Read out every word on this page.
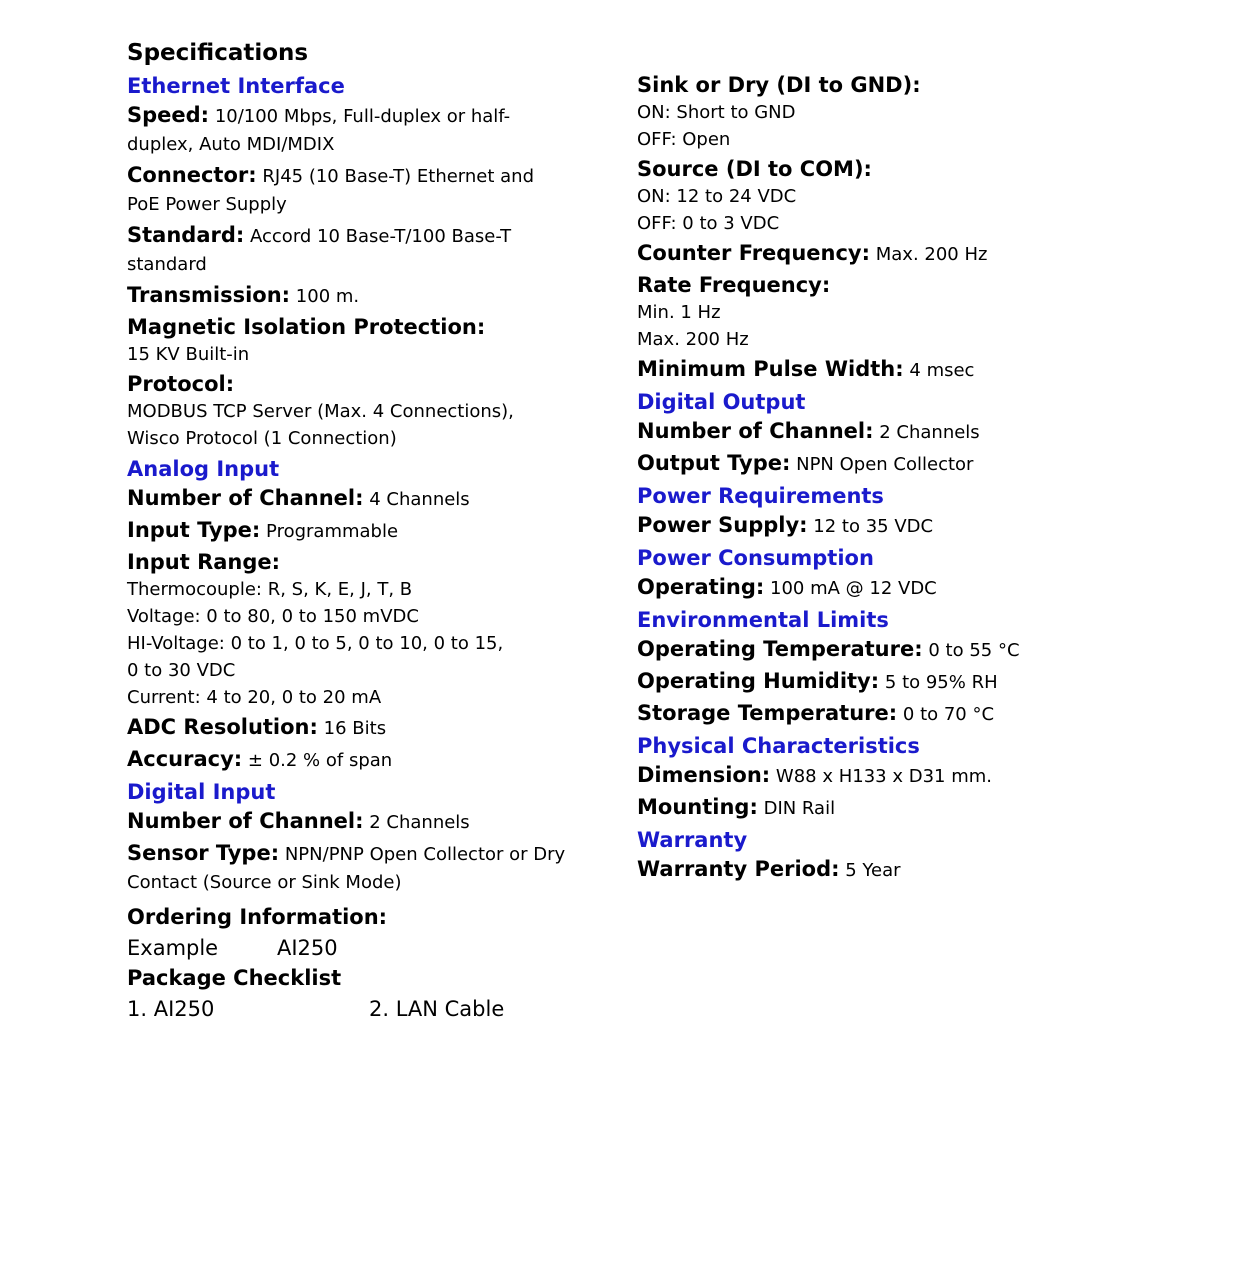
Specifications

Ethernet Interface

Speed: 10/100 Mbps, Full-duplex or half-duplex, Auto MDI/MDIX

Connector: RJ45 (10 Base-T) Ethernet and PoE Power Supply

Standard: Accord 10 Base-T/100 Base-T standard

Transmission: 100 m.

Magnetic Isolation Protection:
15 KV Built-in

Protocol:
MODBUS TCP Server (Max. 4 Connections),
Wisco Protocol (1 Connection)

Analog Input

Number of Channel: 4 Channels

Input Type: Programmable

Input Range:
Thermocouple: R, S, K, E, J, T, B
Voltage: 0 to 80, 0 to 150 mVDC
HI-Voltage: 0 to 1, 0 to 5, 0 to 10, 0 to 15,
0 to 30 VDC
Current: 4 to 20, 0 to 20 mA

ADC Resolution: 16 Bits

Accuracy: ± 0.2 % of span

Digital Input

Number of Channel: 2 Channels

Sensor Type: NPN/PNP Open Collector or Dry Contact (Source or Sink Mode)

Sink or Dry (DI to GND):
ON: Short to GND
OFF: Open

Source (DI to COM):
ON: 12 to 24 VDC
OFF: 0 to 3 VDC

Counter Frequency: Max. 200 Hz

Rate Frequency:
Min. 1 Hz
Max. 200 Hz

Minimum Pulse Width: 4 msec

Digital Output

Number of Channel: 2 Channels

Output Type: NPN Open Collector

Power Requirements

Power Supply: 12 to 35 VDC

Power Consumption

Operating: 100 mA @ 12 VDC

Environmental Limits

Operating Temperature: 0 to 55 °C

Operating Humidity: 5 to 95% RH

Storage Temperature: 0 to 70 °C

Physical Characteristics

Dimension: W88 x H133 x D31 mm.

Mounting: DIN Rail

Warranty

Warranty Period: 5 Year

Ordering Information:

Example	AI250

Package Checklist

1. AI250	2. LAN Cable
